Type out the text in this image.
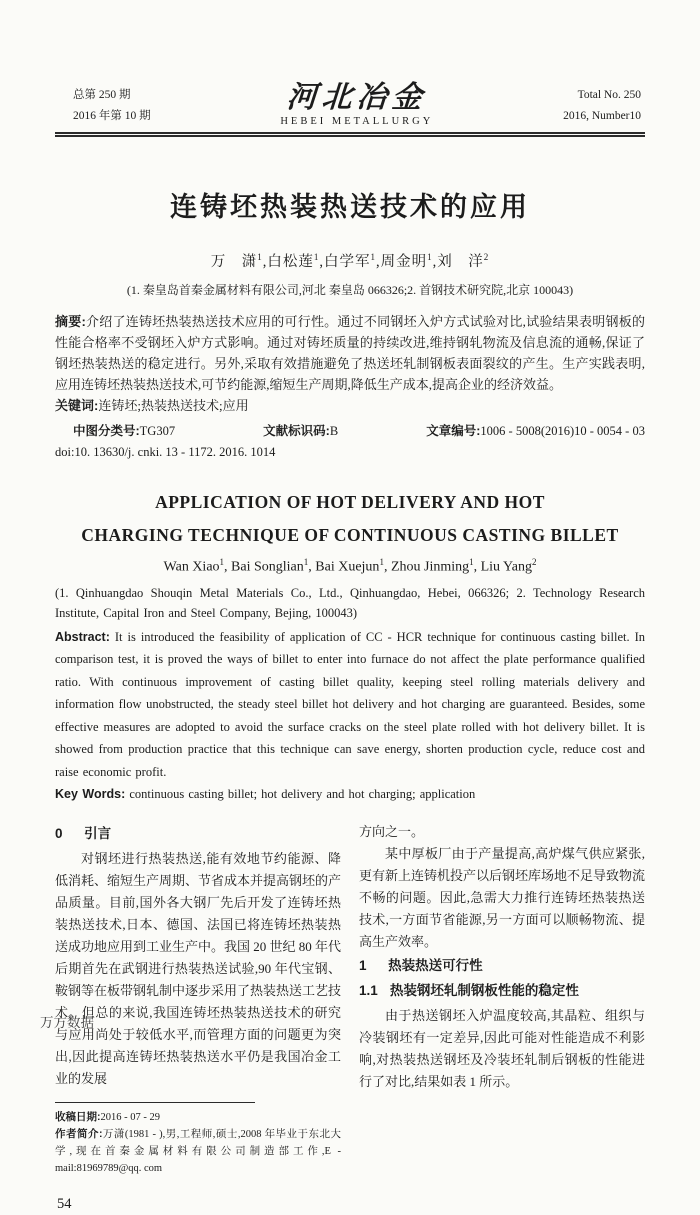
总第 250 期
2016 年第 10 期
河北冶金
HEBEI METALLURGY
Total No. 250
2016, Number10
连铸坯热装热送技术的应用
万　潇$^1$,白松莲$^1$,白学军$^1$,周金明$^1$,刘　洋$^2$
(1. 秦皇岛首秦金属材料有限公司,河北 秦皇岛 066326;2. 首钢技术研究院,北京 100043)
摘要:介绍了连铸坯热装热送技术应用的可行性。通过不同钢坯入炉方式试验对比,试验结果表明钢板的性能合格率不受钢坯入炉方式影响。通过对铸坯质量的持续改进,维持钢轧物流及信息流的通畅,保证了钢坯热装热送的稳定进行。另外,采取有效措施避免了热送坯轧制钢板表面裂纹的产生。生产实践表明,应用连铸坯热装热送技术,可节约能源,缩短生产周期,降低生产成本,提高企业的经济效益。
关键词:连铸坯;热装热送技术;应用
中图分类号:TG307	文献标识码:B	文章编号:1006 - 5008(2016)10 - 0054 - 03
doi:10. 13630/j. cnki. 13 - 1172. 2016. 1014
APPLICATION OF HOT DELIVERY AND HOT
CHARGING TECHNIQUE OF CONTINUOUS CASTING BILLET
Wan Xiao$^1$, Bai Songlian$^1$, Bai Xuejun$^1$, Zhou Jinming$^1$, Liu Yang$^2$
(1. Qinhuangdao Shouqin Metal Materials Co., Ltd., Qinhuangdao, Hebei, 066326; 2. Technology Research Institute, Capital Iron and Steel Company, Bejing, 100043)
Abstract: It is introduced the feasibility of application of CC - HCR technique for continuous casting billet. In comparison test, it is proved the ways of billet to enter into furnace do not affect the plate performance qualified ratio. With continuous improvement of casting billet quality, keeping steel rolling materials delivery and information flow unobstructed, the steady steel billet hot delivery and hot charging are guaranteed. Besides, some effective measures are adopted to avoid the surface cracks on the steel plate rolled with hot delivery billet. It is showed from production practice that this technique can save energy, shorten production cycle, reduce cost and raise economic profit.
Key Words: continuous casting billet; hot delivery and hot charging; application
0 引言

对钢坯进行热装热送,能有效地节约能源、降低消耗、缩短生产周期、节省成本并提高钢坯的产品质量。目前,国外各大钢厂先后开发了连铸坯热装热送技术,日本、德国、法国已将连铸坯热装热送成功地应用到工业生产中。我国 20 世纪 80 年代后期首先在武钢进行热装热送试验,90 年代宝钢、鞍钢等在板带钢轧制中逐步采用了热装热送工艺技术。但总的来说,我国连铸坯热装热送技术的研究与应用尚处于较低水平,而管理方面的问题更为突出,因此提高连铸坯热装热送水平仍是我国冶金工业的发展

收稿日期:2016 - 07 - 29
作者简介:万潇(1981 - ),男,工程师,硕士,2008 年毕业于东北大学,现在首秦金属材料有限公司制造部工作,E - mail:81969789@qq. com
54

方向之一。

某中厚板厂由于产量提高,高炉煤气供应紧张,更有新上连铸机投产以后钢坯库场地不足导致物流不畅的问题。因此,急需大力推行连铸坯热装热送技术,一方面节省能源,另一方面可以顺畅物流、提高生产效率。

1 热装热送可行性
1.1 热装钢坯轧制钢板性能的稳定性

由于热送钢坯入炉温度较高,其晶粒、组织与冷装钢坯有一定差异,因此可能对性能造成不利影响,对热装热送钢坯及冷装坯轧制后钢板的性能进行了对比,结果如表 1 所示。

万方数据
